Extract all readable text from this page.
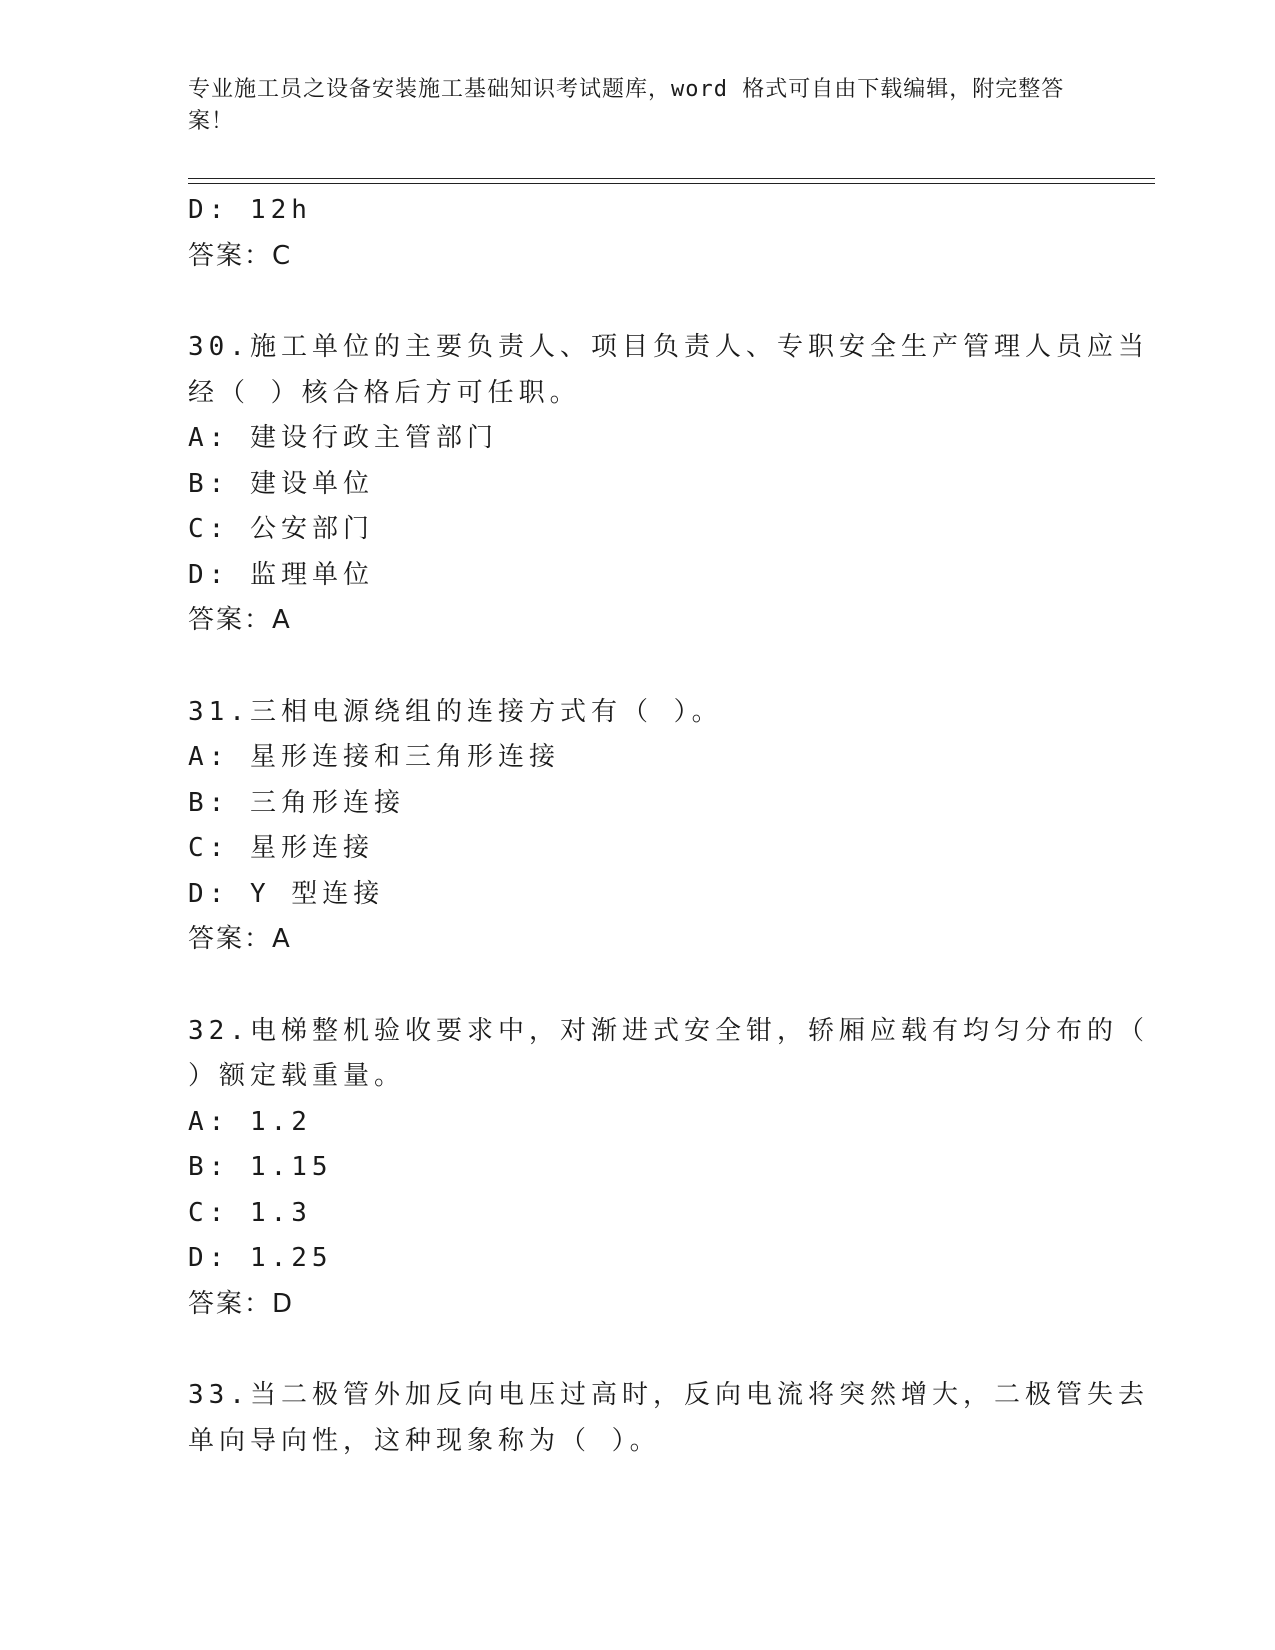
专业施工员之设备安装施工基础知识考试题库，word 格式可自由下载编辑，附完整答案！
D: 12h
答案：C
30.施工单位的主要负责人、项目负责人、专职安全生产管理人员应当
经（ ）核合格后方可任职。
A: 建设行政主管部门
B: 建设单位
C: 公安部门
D: 监理单位
答案：A
31.三相电源绕组的连接方式有（ ）。
A: 星形连接和三角形连接
B: 三角形连接
C: 星形连接
D: Y 型连接
答案：A
32.电梯整机验收要求中，对渐进式安全钳，轿厢应载有均匀分布的（
）额定载重量。
A: 1.2
B: 1.15
C: 1.3
D: 1.25
答案：D
33.当二极管外加反向电压过高时，反向电流将突然增大，二极管失去
单向导向性，这种现象称为（ ）。
